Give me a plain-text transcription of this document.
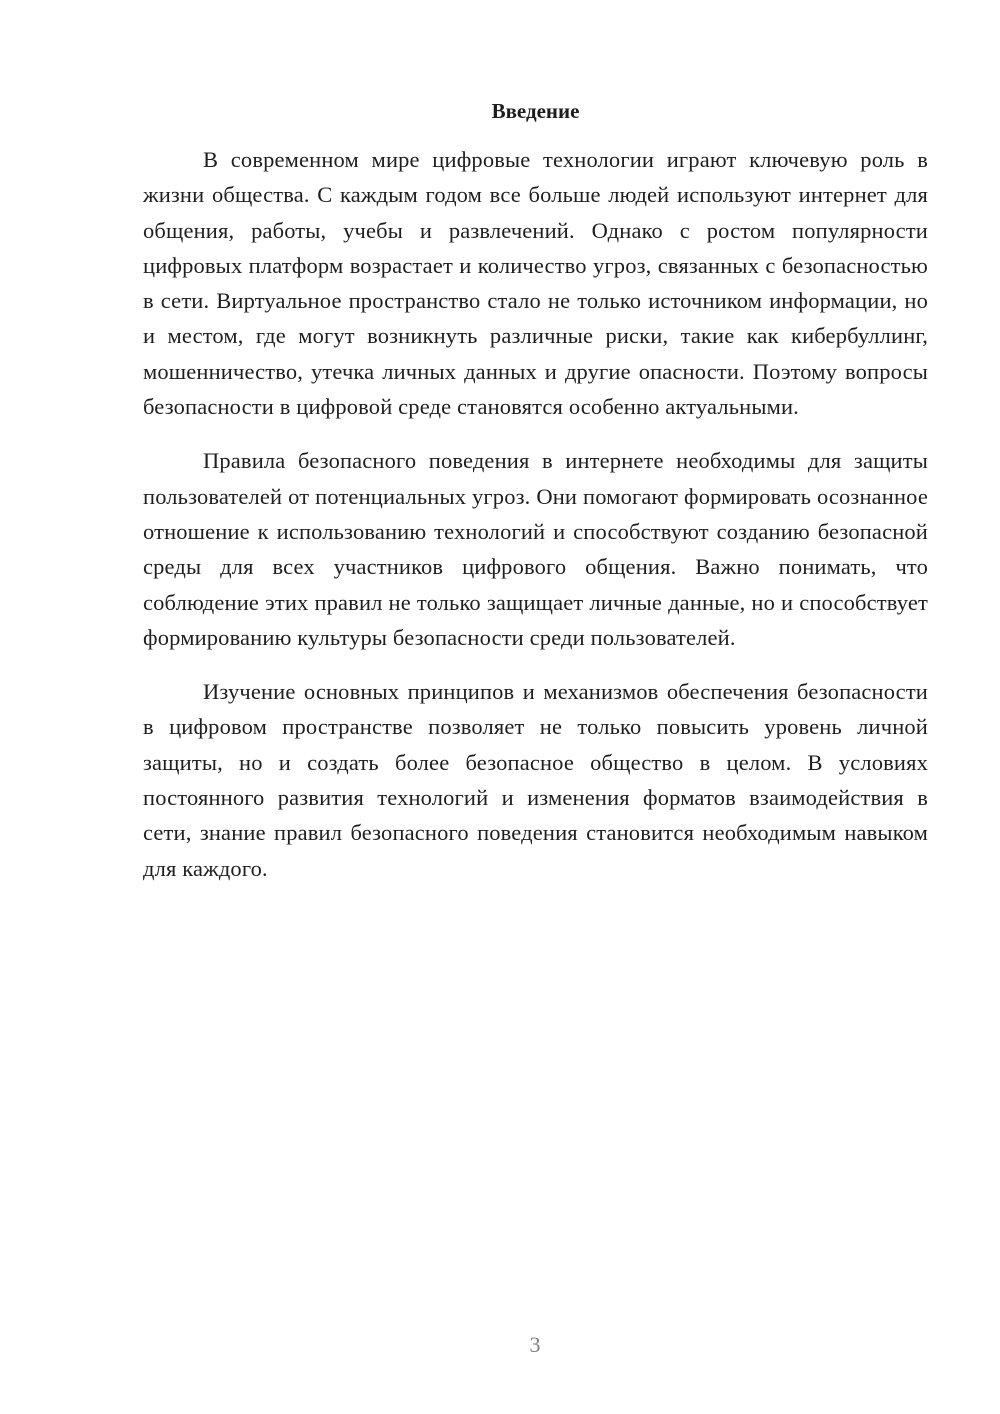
Введение

В современном мире цифровые технологии играют ключевую роль в жизни общества. С каждым годом все больше людей используют интернет для общения, работы, учебы и развлечений. Однако с ростом популярности цифровых платформ возрастает и количество угроз, связанных с безопасностью в сети. Виртуальное пространство стало не только источником информации, но и местом, где могут возникнуть различные риски, такие как кибербуллинг, мошенничество, утечка личных данных и другие опасности. Поэтому вопросы безопасности в цифровой среде становятся особенно актуальными.

Правила безопасного поведения в интернете необходимы для защиты пользователей от потенциальных угроз. Они помогают формировать осознанное отношение к использованию технологий и способствуют созданию безопасной среды для всех участников цифрового общения. Важно понимать, что соблюдение этих правил не только защищает личные данные, но и способствует формированию культуры безопасности среди пользователей.

Изучение основных принципов и механизмов обеспечения безопасности в цифровом пространстве позволяет не только повысить уровень личной защиты, но и создать более безопасное общество в целом. В условиях постоянного развития технологий и изменения форматов взаимодействия в сети, знание правил безопасного поведения становится необходимым навыком для каждого.

3
